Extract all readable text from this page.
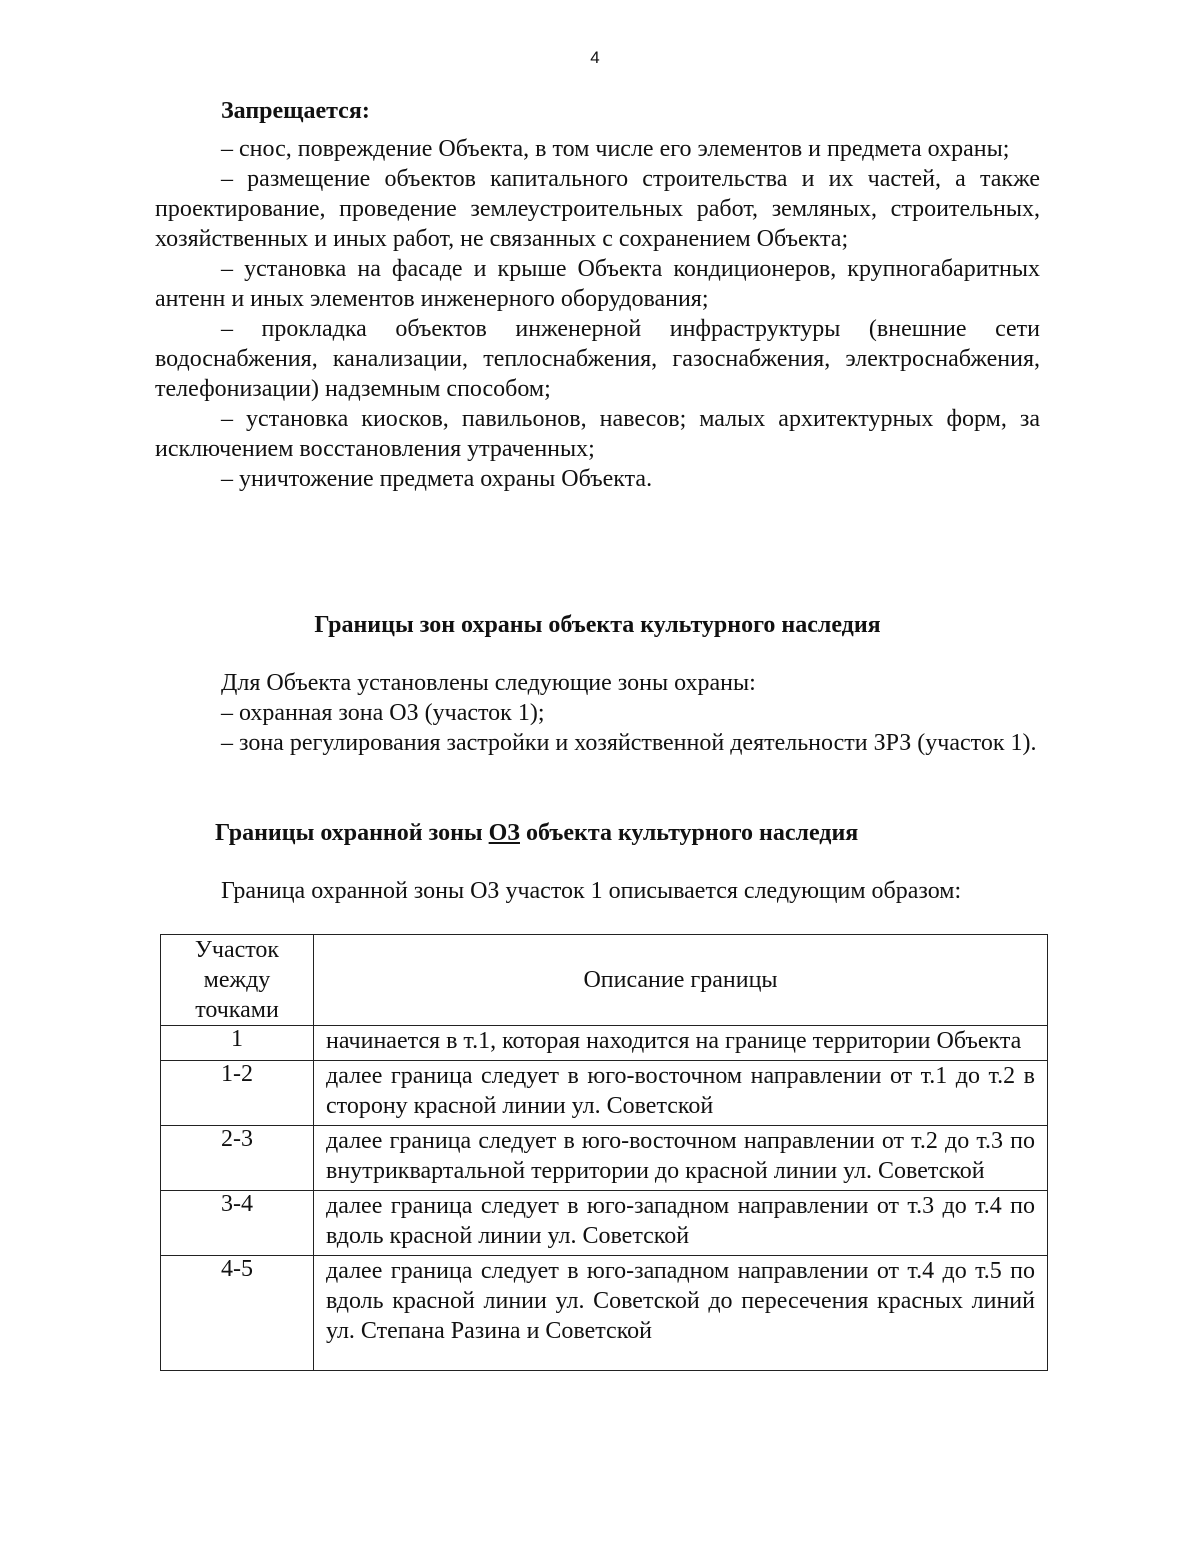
4
Запрещается:

– снос, повреждение Объекта, в том числе его элементов и предмета охраны;

– размещение объектов капитального строительства и их частей, а также проектирование, проведение землеустроительных работ, земляных, строительных, хозяйственных и иных работ, не связанных с сохранением Объекта;

– установка на фасаде и крыше Объекта кондиционеров, крупногабаритных антенн и иных элементов инженерного оборудования;

– прокладка объектов инженерной инфраструктуры (внешние сети водоснабжения, канализации, теплоснабжения, газоснабжения, электроснабжения, телефонизации) надземным способом;

– установка киосков, павильонов, навесов; малых архитектурных форм, за исключением восстановления утраченных;

– уничтожение предмета охраны Объекта.

Границы зон охраны объекта культурного наследия

Для Объекта установлены следующие зоны охраны:

– охранная зона ОЗ (участок 1);

– зона регулирования застройки и хозяйственной деятельности ЗРЗ (участок 1).

Границы охранной зоны ОЗ объекта культурного наследия
Граница охранной зоны ОЗ участок 1 описывается следующим образом:
Участок между точками	Описание границы
1	начинается в т.1, которая находится на границе территории Объекта
1-2	далее граница следует в юго-восточном направлении от т.1 до т.2 в сторону красной линии ул. Советской
2-3	далее граница следует в юго-восточном направлении от т.2 до т.3 по внутриквартальной территории до красной линии ул. Советской
3-4	далее граница следует в юго-западном направлении от т.3 до т.4 по вдоль красной линии ул. Советской
4-5	далее граница следует в юго-западном направлении от т.4 до т.5 по вдоль красной линии ул. Советской до пересечения красных линий ул. Степана Разина и Советской
